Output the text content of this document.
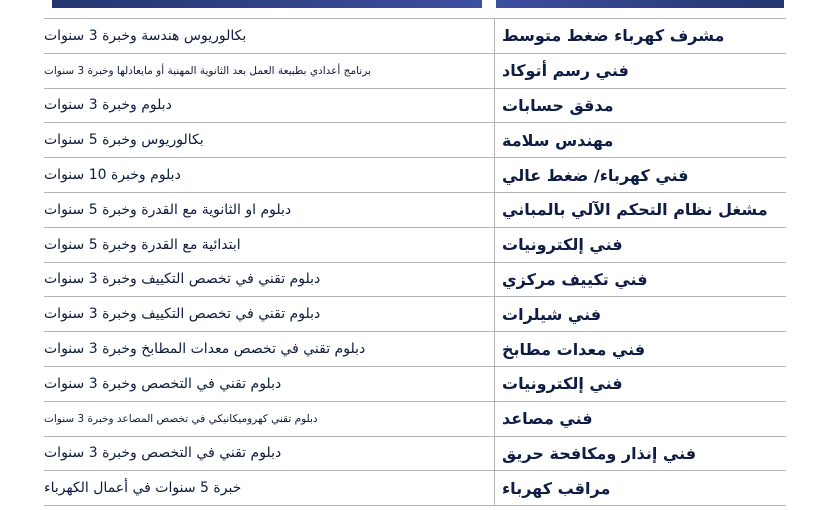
بكالوريوس هندسة وخبرة 3 سنوات	مشرف كهرباء ضغط متوسط
برنامج أعدادي بطبيعة العمل بعد الثانوية المهنية أو مايعادلها وخبرة 3 سنوات	فني رسم أتوكاد
دبلوم وخبرة 3 سنوات	مدقق حسابات
بكالوريوس وخبرة 5 سنوات	مهندس سلامة
دبلوم وخبرة 10 سنوات	فني كهرباء/ ضغط عالي
دبلوم او الثانوية مع القدرة وخبرة 5 سنوات	مشغل نظام التحكم الآلي بالمباني
ابتدائية مع القدرة وخبرة 5 سنوات	فني إلكترونيات
دبلوم تقني في تخصص التكييف وخبرة 3 سنوات	فني تكييف مركزي
دبلوم تقني في تخصص التكييف وخبرة 3 سنوات	فني شيلرات
دبلوم تقني في تخصص معدات المطابخ وخبرة 3 سنوات	فني معدات مطابخ
دبلوم تقني في التخصص وخبرة 3 سنوات	فني إلكترونيات
دبلوم تقني كهروميكانيكي في تخصص المصاعد وخبرة 3 سنوات	فني مصاعد
دبلوم تقني في التخصص وخبرة 3 سنوات	فني إنذار ومكافحة حريق
خبرة 5 سنوات في أعمال الكهرباء	مراقب كهرباء
